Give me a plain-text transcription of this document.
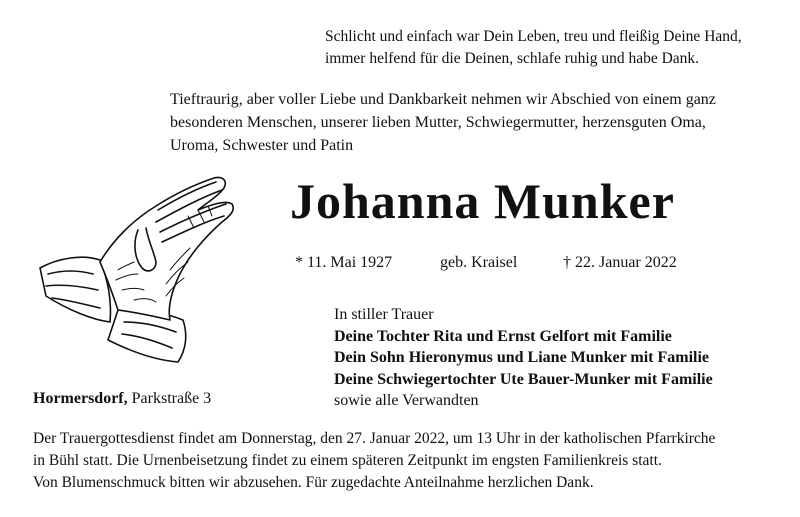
Schlicht und einfach war Dein Leben, treu und fleißig Deine Hand,
immer helfend für die Deinen, schlafe ruhig und habe Dank.
Tieftraurig, aber voller Liebe und Dankbarkeit nehmen wir Abschied von einem ganz
besonderen Menschen, unserer lieben Mutter, Schwiegermutter, herzensguten Oma,
Uroma, Schwester und Patin
Johanna Munker
* 11. Mai 1927	geb. Kraisel	† 22. Januar 2022
In stiller Trauer
Deine Tochter Rita und Ernst Gelfort mit Familie
Dein Sohn Hieronymus und Liane Munker mit Familie
Deine Schwiegertochter Ute Bauer-Munker mit Familie
sowie alle Verwandten
Hormersdorf, Parkstraße 3
Der Trauergottesdienst findet am Donnerstag, den 27. Januar 2022, um 13 Uhr in der katholischen Pfarrkirche
in Bühl statt. Die Urnenbeisetzung findet zu einem späteren Zeitpunkt im engsten Familienkreis statt.
Von Blumenschmuck bitten wir abzusehen. Für zugedachte Anteilnahme herzlichen Dank.
